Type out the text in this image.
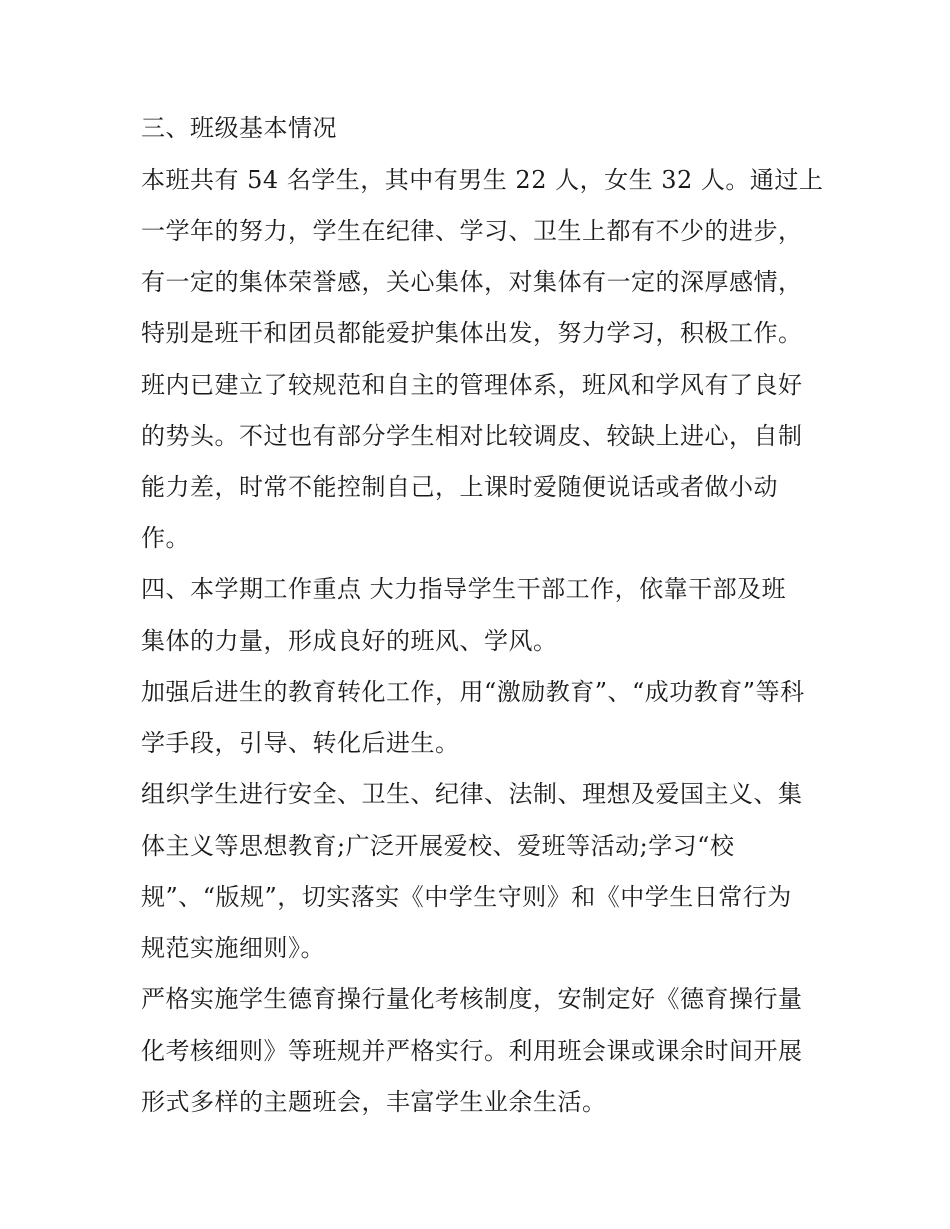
三、班级基本情况
本班共有 54 名学生，其中有男生 22 人，女生 32 人。通过上
一学年的努力，学生在纪律、学习、卫生上都有不少的进步，
有一定的集体荣誉感，关心集体，对集体有一定的深厚感情，
特别是班干和团员都能爱护集体出发，努力学习，积极工作。
班内已建立了较规范和自主的管理体系，班风和学风有了良好
的势头。不过也有部分学生相对比较调皮、较缺上进心，自制
能力差，时常不能控制自己，上课时爱随便说话或者做小动
作。
四、本学期工作重点 大力指导学生干部工作，依靠干部及班
集体的力量，形成良好的班风、学风。
加强后进生的教育转化工作，用“激励教育”、“成功教育”等科
学手段，引导、转化后进生。
组织学生进行安全、卫生、纪律、法制、理想及爱国主义、集
体主义等思想教育;广泛开展爱校、爱班等活动;学习“校
规”、“版规”，切实落实《中学生守则》和《中学生日常行为
规范实施细则》。
严格实施学生德育操行量化考核制度，安制定好《德育操行量
化考核细则》等班规并严格实行。利用班会课或课余时间开展
形式多样的主题班会，丰富学生业余生活。
